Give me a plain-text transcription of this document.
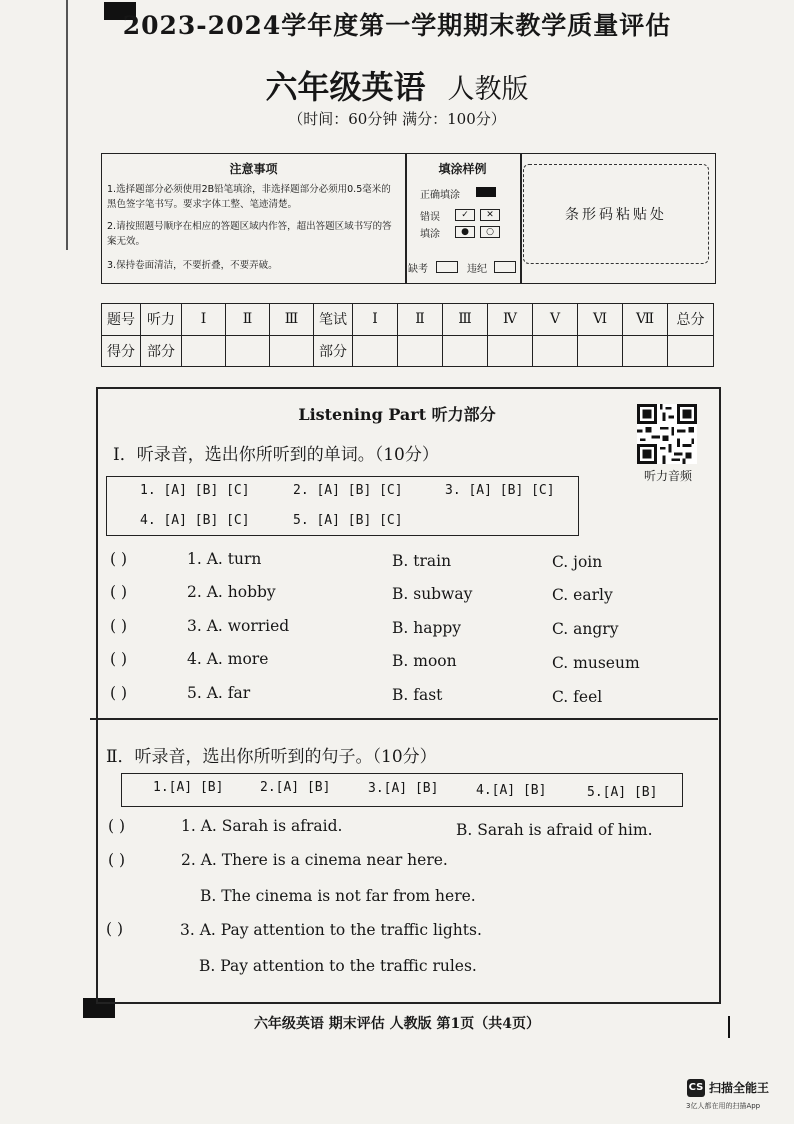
2023-2024学年度第一学期期末教学质量评估
六年级英语 人教版
（时间：60分钟 满分：100分）
注意事项
1.选择题部分必须使用2B铅笔填涂，非选择题部分必须用0.5毫米的黑色签字笔书写。要求字体工整、笔迹清楚。
2.请按照题号顺序在相应的答题区域内作答，超出答题区域书写的答案无效。
3.保持卷面清洁，不要折叠，不要弄破。
填涂样例
正确填涂
错误
填涂
✓	✕
●	○
缺考	违纪
条形码粘贴处
题号	听力	I	Ⅱ	Ⅲ	笔试	I	Ⅱ	Ⅲ	Ⅳ	V	Ⅵ	Ⅶ	总分
得分	部分				部分								
Listening Part 听力部分
听力音频
I．听录音，选出你所听到的单词。（10分）
1. [A] [B] [C]	2. [A] [B] [C]	3. [A] [B] [C]
4. [A] [B] [C]	5. [A] [B] [C]
( )	1. A. turn	B. train	C. join
( )	2. A. hobby	B. subway	C. early
( )	3. A. worried	B. happy	C. angry
( )	4. A. more	B. moon	C. museum
( )	5. A. far	B. fast	C. feel
Ⅱ．听录音，选出你所听到的句子。（10分）
1.[A] [B]	2.[A] [B]	3.[A] [B]	4.[A] [B]	5.[A] [B]
( )	1. A. Sarah is afraid.	B. Sarah is afraid of him.
( )	2. A. There is a cinema near here.
B. The cinema is not far from here.
( )	3. A. Pay attention to the traffic lights.
B. Pay attention to the traffic rules.
六年级英语 期末评估 人教版 第1页（共4页）
CS 扫描全能王
3亿人都在用的扫描App
